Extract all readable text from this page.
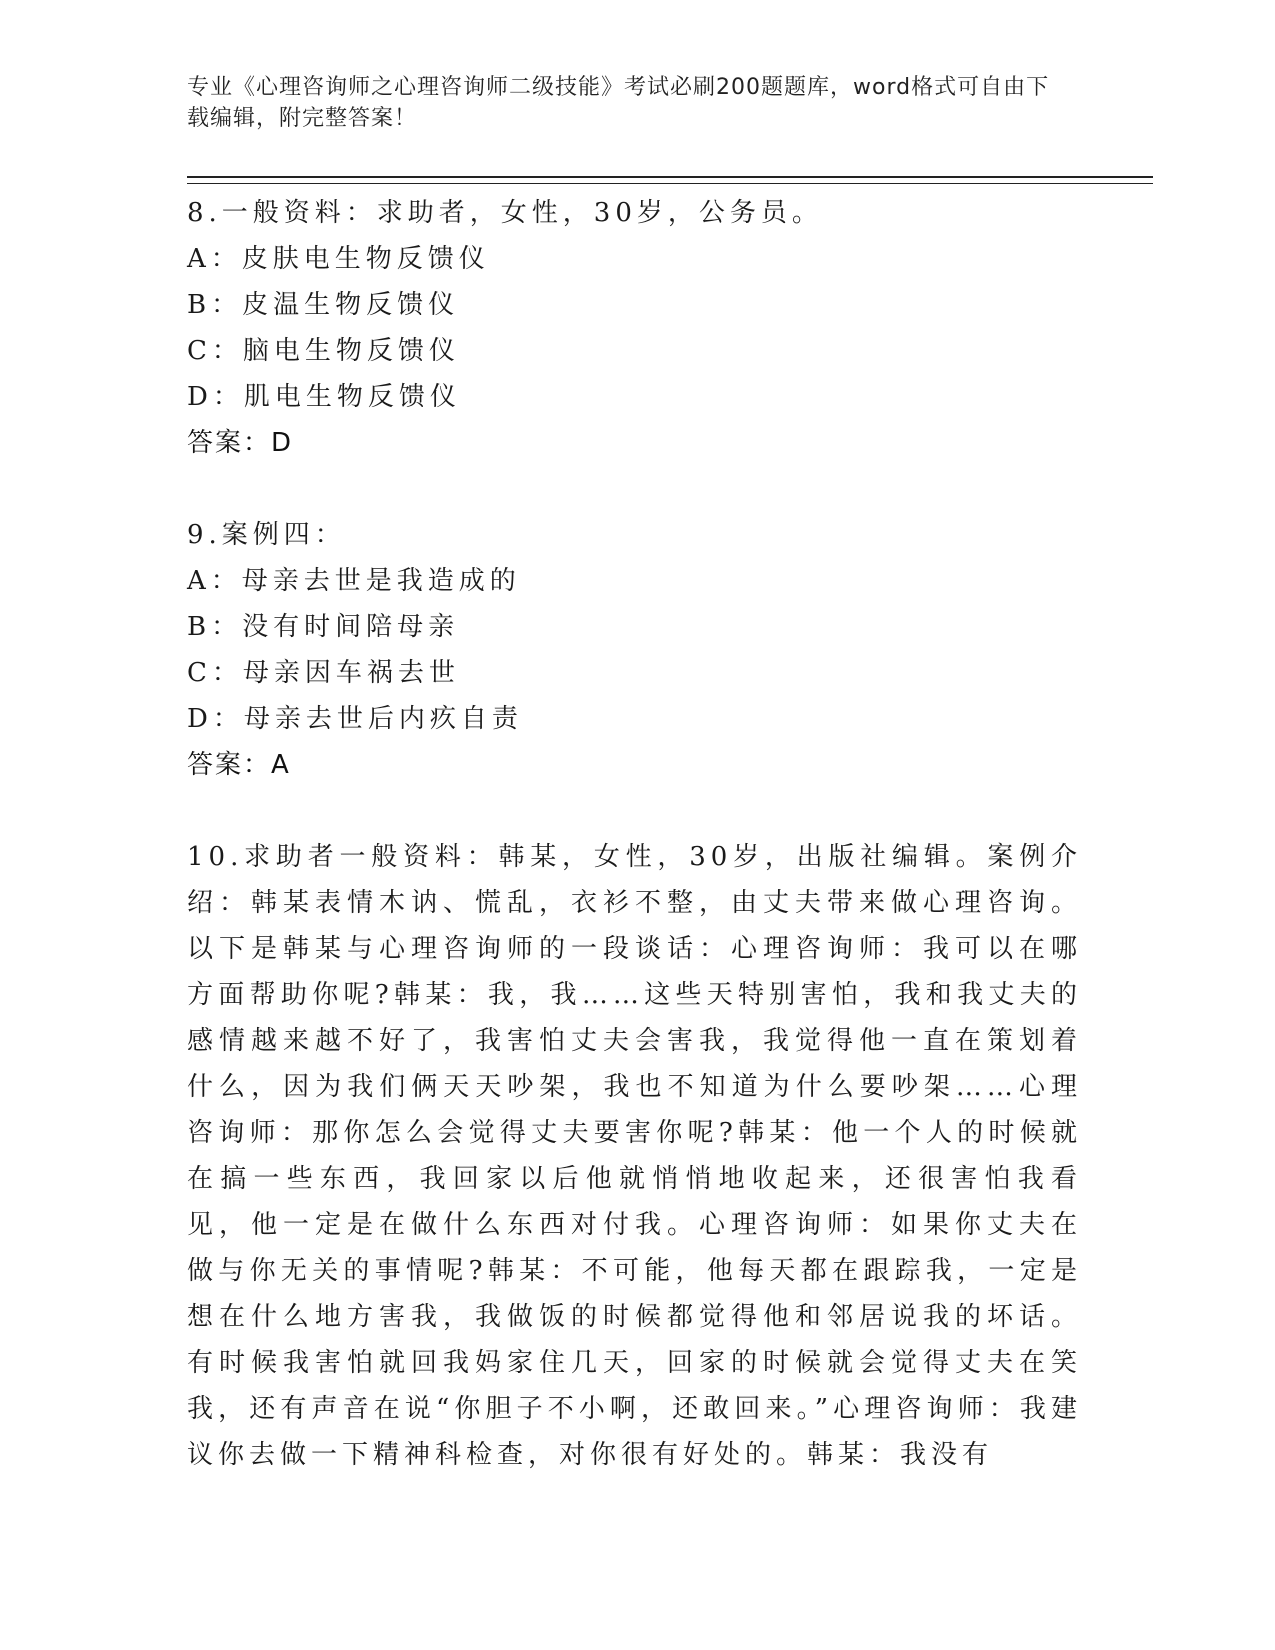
专业《心理咨询师之心理咨询师二级技能》考试必刷200题题库，word格式可自由下载编辑，附完整答案！
8.一般资料：求助者，女性，30岁，公务员。
A：皮肤电生物反馈仪
B：皮温生物反馈仪
C：脑电生物反馈仪
D：肌电生物反馈仪
答案：D
9.案例四：
A：母亲去世是我造成的
B：没有时间陪母亲
C：母亲因车祸去世
D：母亲去世后内疚自责
答案：A
10.求助者一般资料：韩某，女性，30岁，出版社编辑。案例介绍：韩某表情木讷、慌乱，衣衫不整，由丈夫带来做心理咨询。以下是韩某与心理咨询师的一段谈话：心理咨询师：我可以在哪方面帮助你呢?韩某：我，我……这些天特别害怕，我和我丈夫的感情越来越不好了，我害怕丈夫会害我，我觉得他一直在策划着什么，因为我们俩天天吵架，我也不知道为什么要吵架……心理咨询师：那你怎么会觉得丈夫要害你呢?韩某：他一个人的时候就在搞一些东西，我回家以后他就悄悄地收起来，还很害怕我看见，他一定是在做什么东西对付我。心理咨询师：如果你丈夫在做与你无关的事情呢?韩某：不可能，他每天都在跟踪我，一定是想在什么地方害我，我做饭的时候都觉得他和邻居说我的坏话。有时候我害怕就回我妈家住几天，回家的时候就会觉得丈夫在笑我，还有声音在说“你胆子不小啊，还敢回来。”心理咨询师：我建议你去做一下精神科检查，对你很有好处的。韩某：我没有
